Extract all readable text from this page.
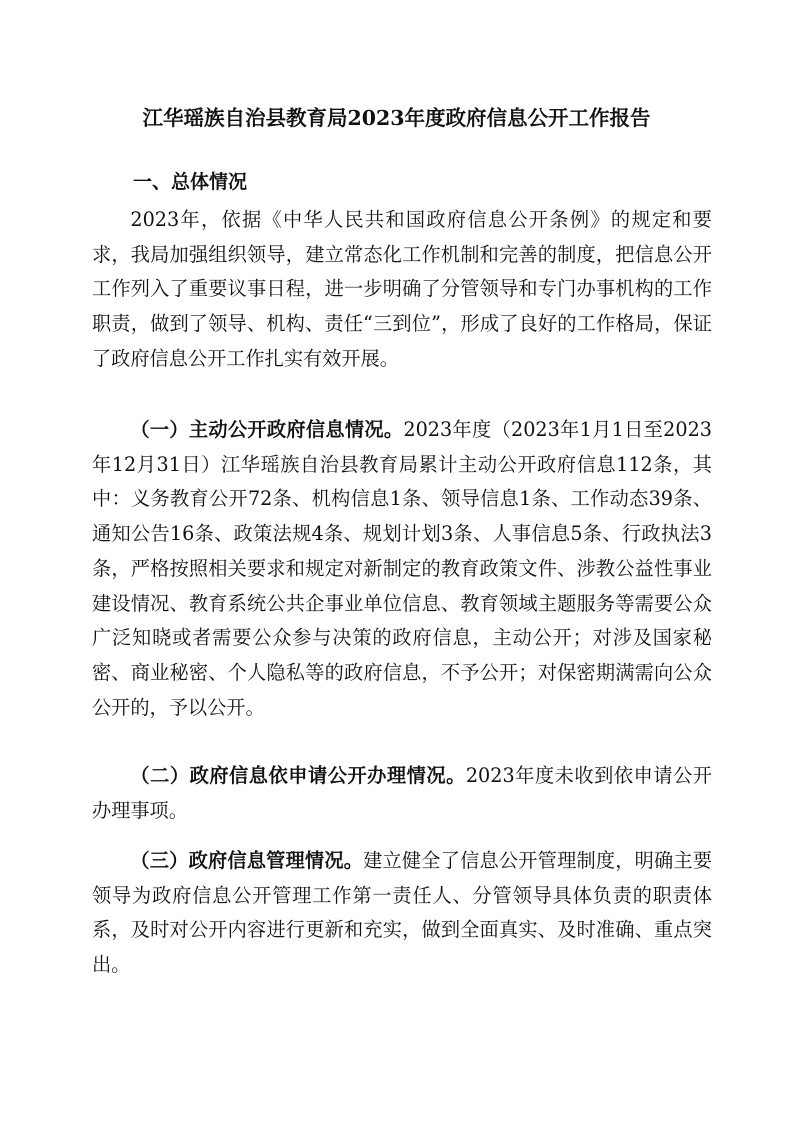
江华瑶族自治县教育局2023年度政府信息公开工作报告
一、总体情况
2023年，依据《中华人民共和国政府信息公开条例》的规定和要求，我局加强组织领导，建立常态化工作机制和完善的制度，把信息公开工作列入了重要议事日程，进一步明确了分管领导和专门办事机构的工作职责，做到了领导、机构、责任“三到位”，形成了良好的工作格局，保证了政府信息公开工作扎实有效开展。
（一）主动公开政府信息情况。2023年度（2023年1月1日至2023年12月31日）江华瑶族自治县教育局累计主动公开政府信息112条，其中：义务教育公开72条、机构信息1条、领导信息1条、工作动态39条、通知公告16条、政策法规4条、规划计划3条、人事信息5条、行政执法3条，严格按照相关要求和规定对新制定的教育政策文件、涉教公益性事业建设情况、教育系统公共企事业单位信息、教育领域主题服务等需要公众广泛知晓或者需要公众参与决策的政府信息，主动公开；对涉及国家秘密、商业秘密、个人隐私等的政府信息，不予公开；对保密期满需向公众公开的，予以公开。
（二）政府信息依申请公开办理情况。2023年度未收到依申请公开办理事项。
（三）政府信息管理情况。建立健全了信息公开管理制度，明确主要领导为政府信息公开管理工作第一责任人、分管领导具体负责的职责体系，及时对公开内容进行更新和充实，做到全面真实、及时准确、重点突出。
